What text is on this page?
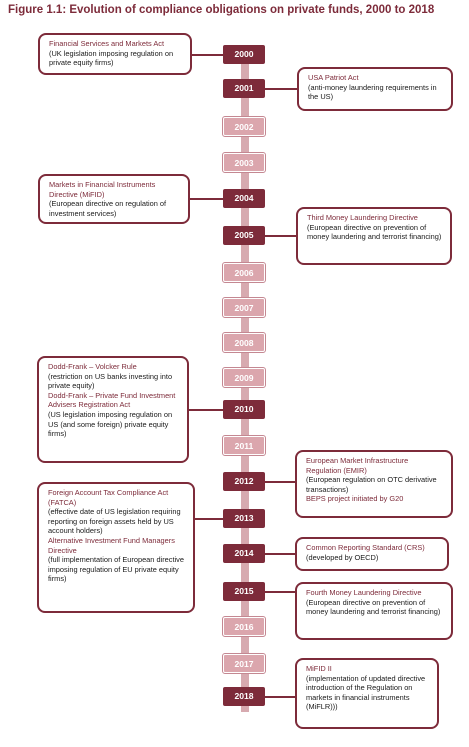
Figure 1.1: Evolution of compliance obligations on private funds, 2000 to 2018
2000
2001
2002
2003
2004
2005
2006
2007
2008
2009
2010
2011
2012
2013
2014
2015
2016
2017
2018
Financial Services and Markets Act
(UK legislation imposing regulation on private equity firms)
USA Patriot Act
(anti-money laundering requirements in the US)
Markets in Financial Instruments Directive (MiFID)
(European directive on regulation of investment services)	Third Money Laundering Directive
(European directive on prevention of money laundering and terrorist financing)
Dodd-Frank – Volcker Rule
(restriction on US banks investing into private equity)
Dodd-Frank – Private Fund Investment Advisers Registration Act
(US legislation imposing regulation on US (and some foreign) private equity firms)
European Market Infrastructure Regulation (EMIR)
(European regulation on OTC derivative transactions)
BEPS project initiated by G20
Foreign Account Tax Compliance Act (FATCA)
(effective date of US legislation requiring reporting on foreign assets held by US account holders)
Alternative Investment Fund Managers Directive
(full implementation of European directive imposing regulation of EU private equity firms)
Common Reporting Standard (CRS)
(developed by OECD)
Fourth Money Laundering Directive
(European directive on prevention of money laundering and terrorist financing)
MiFID II
(implementation of updated directive introduction of the Regulation on markets in financial instruments (MiFLR)))
